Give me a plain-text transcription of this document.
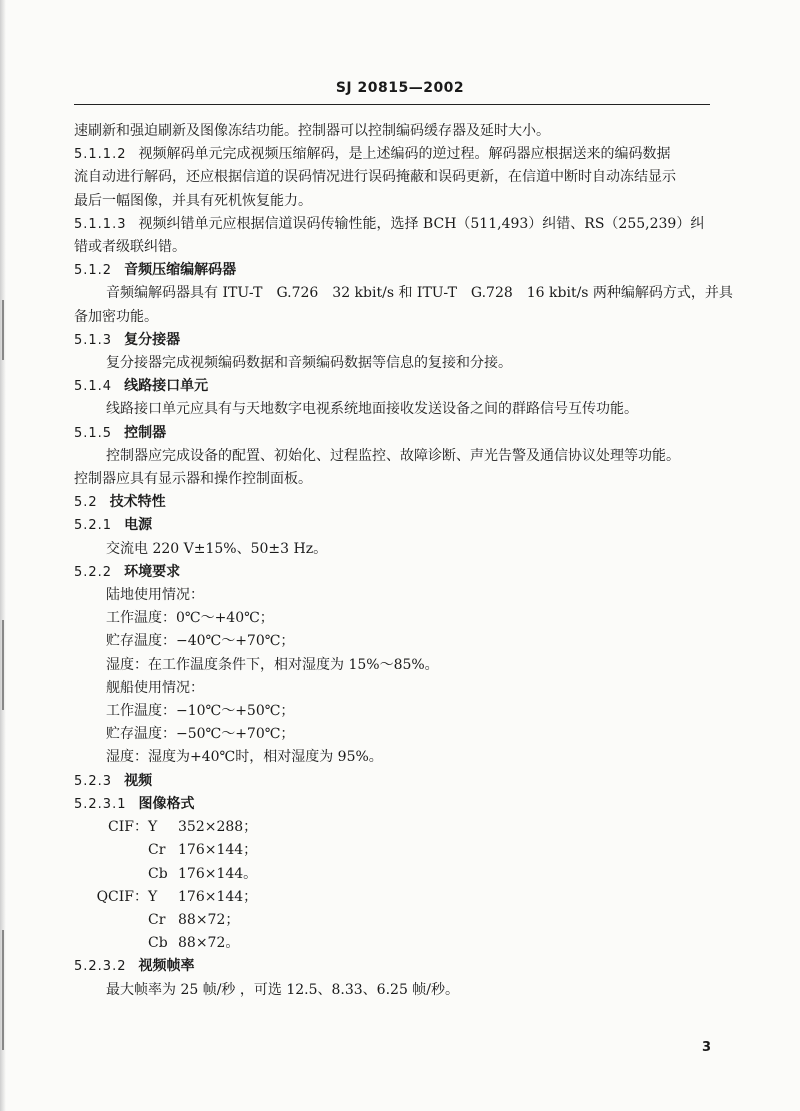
SJ 20815—2002
速刷新和强迫刷新及图像冻结功能。控制器可以控制编码缓存器及延时大小。
5.1.1.2 视频解码单元完成视频压缩解码，是上述编码的逆过程。解码器应根据送来的编码数据
流自动进行解码，还应根据信道的误码情况进行误码掩蔽和误码更新，在信道中断时自动冻结显示
最后一幅图像，并具有死机恢复能力。
5.1.1.3 视频纠错单元应根据信道误码传输性能，选择 BCH（511,493）纠错、RS（255,239）纠
错或者级联纠错。
5.1.2 音频压缩编解码器
音频编解码器具有 ITU-T　G.726　32 kbit/s 和 ITU-T　G.728　16 kbit/s 两种编解码方式，并具
备加密功能。
5.1.3 复分接器
复分接器完成视频编码数据和音频编码数据等信息的复接和分接。
5.1.4 线路接口单元
线路接口单元应具有与天地数字电视系统地面接收发送设备之间的群路信号互传功能。
5.1.5 控制器
控制器应完成设备的配置、初始化、过程监控、故障诊断、声光告警及通信协议处理等功能。
控制器应具有显示器和操作控制面板。
5.2 技术特性
5.2.1 电源
交流电 220 V±15%、50±3 Hz。
5.2.2 环境要求
陆地使用情况：
工作温度：0℃～+40℃；
贮存温度：−40℃～+70℃；
湿度：在工作温度条件下，相对湿度为 15%～85%。
舰船使用情况：
工作温度：−10℃～+50℃；
贮存温度：−50℃～+70℃；
湿度：湿度为+40℃时，相对湿度为 95%。
5.2.3 视频
5.2.3.1 图像格式
CIF：Y 352×288；
Cr 176×144；
Cb 176×144。
QCIF：Y 176×144；
Cr 88×72；
Cb 88×72。
5.2.3.2 视频帧率
最大帧率为 25 帧/秒 ，可选 12.5、8.33、6.25 帧/秒。
3
